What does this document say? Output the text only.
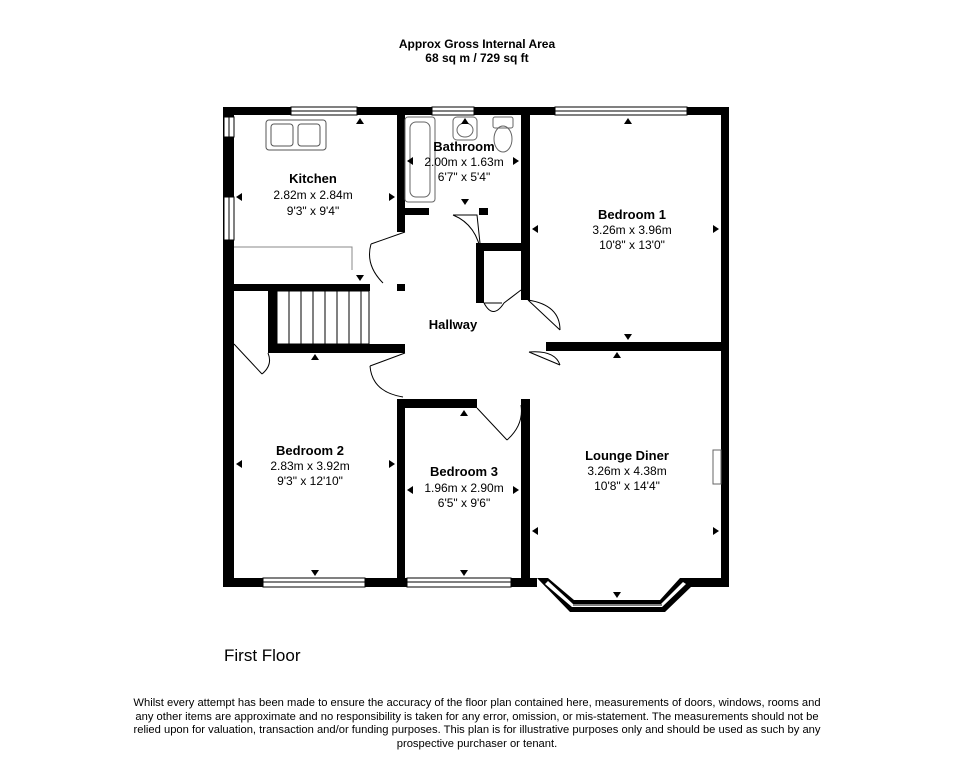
Approx Gross Internal Area
68 sq m / 729 sq ft
Kitchen
2.82m x 2.84m
9'3" x 9'4"
Bathroom
2.00m x 1.63m
6'7" x 5'4"
Bedroom 1
3.26m x 3.96m
10'8" x 13'0"
Hallway
Bedroom 2
2.83m x 3.92m
9'3" x 12'10"
Bedroom 3
1.96m x 2.90m
6'5" x 9'6"
Lounge Diner
3.26m x 4.38m
10'8" x 14'4"
First Floor
Whilst every attempt has been made to ensure the accuracy of the floor plan contained here, measurements of doors, windows, rooms and any other items are approximate and no responsibility is taken for any error, omission, or mis-statement. The measurements should not be relied upon for valuation, transaction and/or funding purposes. This plan is for illustrative purposes only and should be used as such by any prospective purchaser or tenant.
